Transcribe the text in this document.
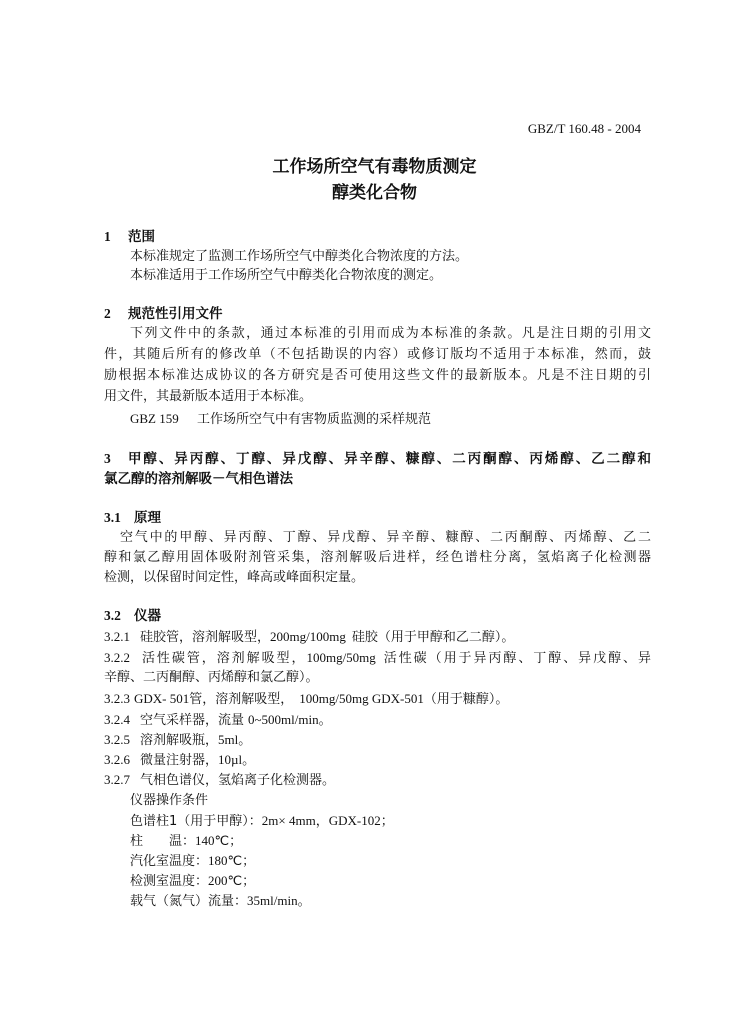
GBZ/T 160.48 - 2004
工作场所空气有毒物质测定
醇类化合物
1 范围
本标准规定了监测工作场所空气中醇类化合物浓度的方法。
本标准适用于工作场所空气中醇类化合物浓度的测定。
2 规范性引用文件
下列文件中的条款，通过本标准的引用而成为本标准的条款。凡是注日期的引用文
件，其随后所有的修改单（不包括勘误的内容）或修订版均不适用于本标准，然而，鼓
励根据本标准达成协议的各方研究是否可使用这些文件的最新版本。凡是不注日期的引
用文件，其最新版本适用于本标准。
GBZ 159 工作场所空气中有害物质监测的采样规范
3 甲醇、异丙醇、丁醇、异戊醇、异辛醇、糠醇、二丙酮醇、丙烯醇、乙二醇和
氯乙醇的溶剂解吸－气相色谱法
3.1 原理
空气中的甲醇、异丙醇、丁醇、异戊醇、异辛醇、糠醇、二丙酮醇、丙烯醇、乙二
醇和氯乙醇用固体吸附剂管采集，溶剂解吸后进样，经色谱柱分离，氢焰离子化检测器
检测，以保留时间定性，峰高或峰面积定量。
3.2 仪器
3.2.1 硅胶管，溶剂解吸型，200mg/100mg 硅胶（用于甲醇和乙二醇）。
3.2.2 活性碳管，溶剂解吸型，100mg/50mg 活性碳（用于异丙醇、丁醇、异戊醇、异
辛醇、二丙酮醇、丙烯醇和氯乙醇）。
3.2.3 GDX- 501管，溶剂解吸型， 100mg/50mg GDX-501（用于糠醇）。
3.2.4 空气采样器，流量 0~500ml/min。
3.2.5 溶剂解吸瓶，5ml。
3.2.6 微量注射器，10µl。
3.2.7 气相色谱仪，氢焰离子化检测器。
仪器操作条件
色谱柱1（用于甲醇）：2m× 4mm，GDX-102；
柱　　温：140℃；
汽化室温度：180℃；
检测室温度：200℃；
载气（氮气）流量：35ml/min。
